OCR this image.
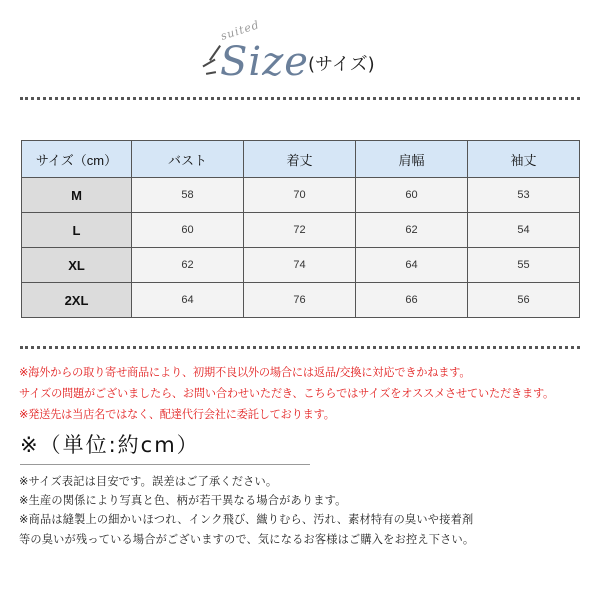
suited
Size (サイズ)
サイズ（cm）	バスト	着丈	肩幅	袖丈
M	58	70	60	53
L	60	72	62	54
XL	62	74	64	55
2XL	64	76	66	56
※海外からの取り寄せ商品により、初期不良以外の場合には返品/交換に対応できかねます。
サイズの問題がございましたら、お問い合わせいただき、こちらではサイズをオススメさせていただきます。
※発送先は当店名ではなく、配達代行会社に委託しております。
※（単位:約cm）
※サイズ表記は目安です。誤差はご了承ください。
※生産の関係により写真と色、柄が若干異なる場合があります。
※商品は縫製上の細かいほつれ、インク飛び、織りむら、汚れ、素材特有の臭いや接着剤
等の臭いが残っている場合がございますので、気になるお客様はご購入をお控え下さい。
